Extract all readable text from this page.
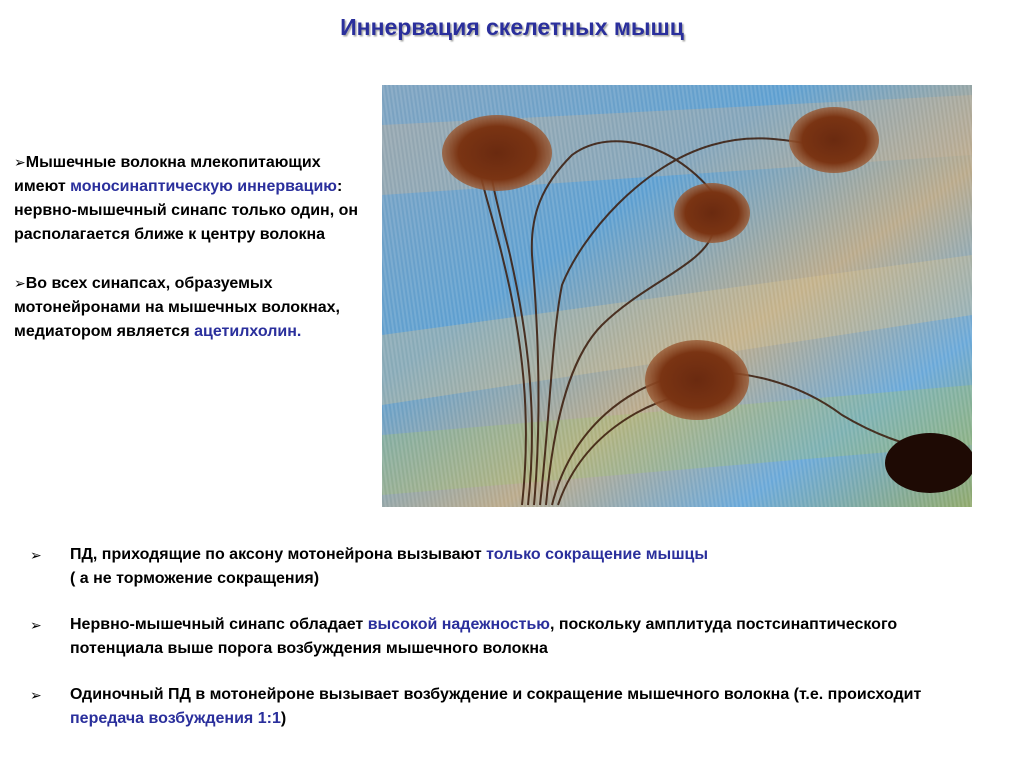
Иннервация скелетных мышц

➢Мышечные волокна млекопитающих имеют моносинаптическую иннервацию: нервно-мышечный синапс только один, он располагается ближе к центру волокна

➢Во всех синапсах, образуемых мотонейронами на мышечных волокнах, медиатором является ацетилхолин.

➢ ПД, приходящие по аксону мотонейрона вызывают только сокращение мышцы
( а не торможение сокращения)
➢ Нервно-мышечный синапс обладает высокой надежностью, поскольку амплитуда постсинаптического потенциала выше порога возбуждения мышечного волокна
➢ Одиночный ПД в мотонейроне вызывает возбуждение и сокращение мышечного волокна (т.е. происходит передача возбуждения 1:1)
